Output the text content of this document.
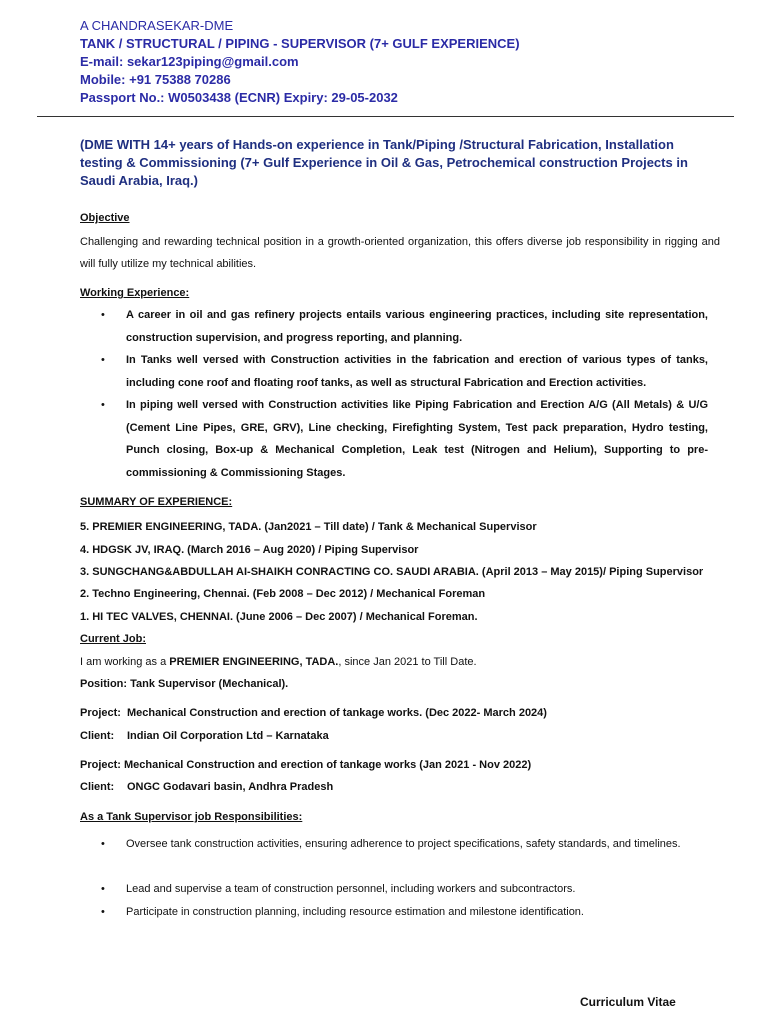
A CHANDRASEKAR-DME
TANK / STRUCTURAL / PIPING - SUPERVISOR (7+ GULF EXPERIENCE)
E-mail: sekar123piping@gmail.com
Mobile: +91 75388 70286
Passport No.: W0503438 (ECNR) Expiry: 29-05-2032
(DME WITH 14+ years of Hands-on experience in Tank/Piping /Structural Fabrication, Installation testing & Commissioning (7+ Gulf Experience in Oil & Gas, Petrochemical construction Projects in Saudi Arabia, Iraq.)
Objective
Challenging and rewarding technical position in a growth-oriented organization, this offers diverse job responsibility in rigging and will fully utilize my technical abilities.
Working Experience:
• A career in oil and gas refinery projects entails various engineering practices, including site representation, construction supervision, and progress reporting, and planning.
• In Tanks well versed with Construction activities in the fabrication and erection of various types of tanks, including cone roof and floating roof tanks, as well as structural Fabrication and Erection activities.
• In piping well versed with Construction activities like Piping Fabrication and Erection A/G (All Metals) & U/G (Cement Line Pipes, GRE, GRV), Line checking, Firefighting System, Test pack preparation, Hydro testing, Punch closing, Box-up & Mechanical Completion, Leak test (Nitrogen and Helium), Supporting to pre-commissioning & Commissioning Stages.
SUMMARY OF EXPERIENCE:
5. PREMIER ENGINEERING, TADA. (Jan2021 – Till date) / Tank & Mechanical Supervisor
4. HDGSK JV, IRAQ. (March 2016 – Aug 2020) / Piping Supervisor
3. SUNGCHANG&ABDULLAH AI-SHAIKH CONRACTING CO. SAUDI ARABIA. (April 2013 – May 2015)/ Piping Supervisor
2. Techno Engineering, Chennai. (Feb 2008 – Dec 2012) / Mechanical Foreman
1. HI TEC VALVES, CHENNAI. (June 2006 – Dec 2007) / Mechanical Foreman.
Current Job:
I am working as a PREMIER ENGINEERING, TADA., since Jan 2021 to Till Date.
Position: Tank Supervisor (Mechanical).
Project: Mechanical Construction and erection of tankage works. (Dec 2022- March 2024)
Client: Indian Oil Corporation Ltd – Karnataka
Project: Mechanical Construction and erection of tankage works (Jan 2021 - Nov 2022)
Client: ONGC Godavari basin, Andhra Pradesh
As a Tank Supervisor job Responsibilities:
• Oversee tank construction activities, ensuring adherence to project specifications, safety standards, and timelines.
• Lead and supervise a team of construction personnel, including workers and subcontractors.
• Participate in construction planning, including resource estimation and milestone identification.
Curriculum Vitae
